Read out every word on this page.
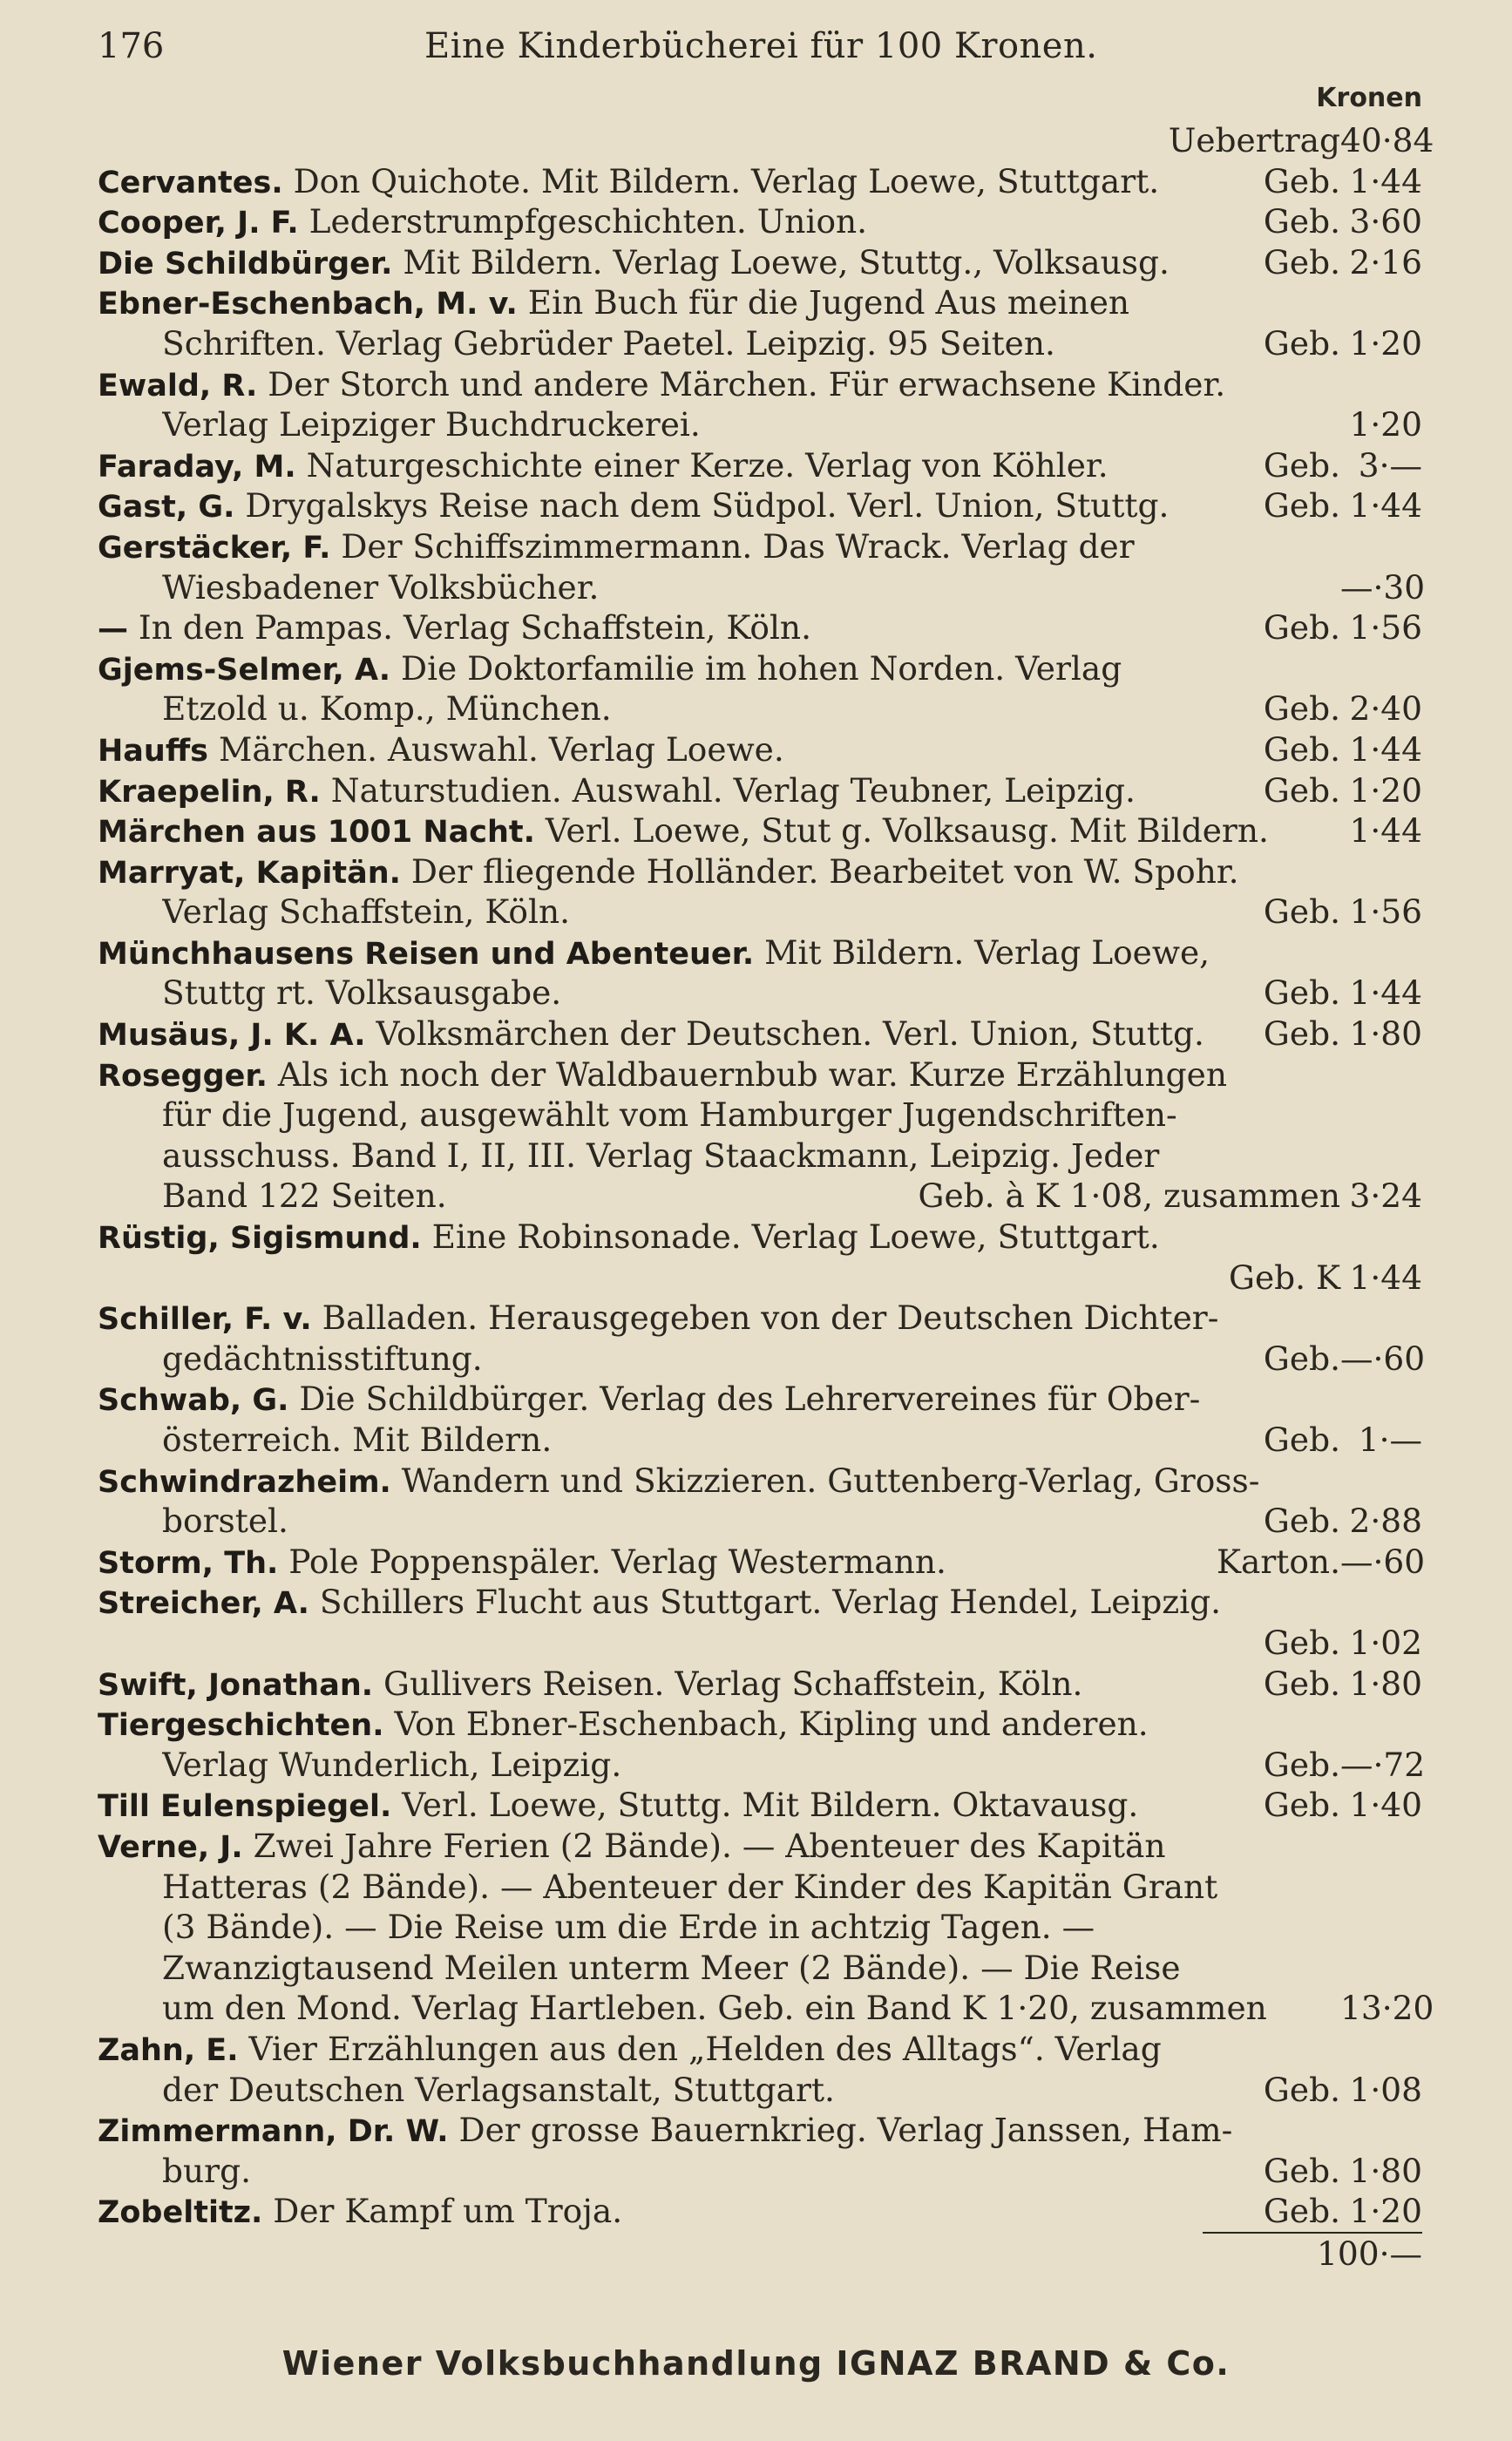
176	Eine Kinderbücherei für 100 Kronen.
Kronen
Uebertrag 40·84
Cervantes. Don Quichote. Mit Bildern. Verlag Loewe, Stuttgart.	Geb. 1·44
Cooper, J. F. Lederstrumpfgeschichten. Union.	Geb. 3·60
Die Schildbürger. Mit Bildern. Verlag Loewe, Stuttg., Volksausg.	Geb. 2·16
Ebner-Eschenbach, M. v. Ein Buch für die Jugend Aus meinen
Schriften. Verlag Gebrüder Paetel. Leipzig. 95 Seiten.	Geb. 1·20
Ewald, R. Der Storch und andere Märchen. Für erwachsene Kinder.
Verlag Leipziger Buchdruckerei.	1·20
Faraday, M. Naturgeschichte einer Kerze. Verlag von Köhler.	Geb. 3·—
Gast, G. Drygalskys Reise nach dem Südpol. Verl. Union, Stuttg.	Geb. 1·44
Gerstäcker, F. Der Schiffszimmermann. Das Wrack. Verlag der
Wiesbadener Volksbücher.	—·30
— In den Pampas. Verlag Schaffstein, Köln.	Geb. 1·56
Gjems-Selmer, A. Die Doktorfamilie im hohen Norden. Verlag
Etzold u. Komp., München.	Geb. 2·40
Hauffs Märchen. Auswahl. Verlag Loewe.	Geb. 1·44
Kraepelin, R. Naturstudien. Auswahl. Verlag Teubner, Leipzig.	Geb. 1·20
Märchen aus 1001 Nacht. Verl. Loewe, Stut g. Volksausg. Mit Bildern.	1·44
Marryat, Kapitän. Der fliegende Holländer. Bearbeitet von W. Spohr.
Verlag Schaffstein, Köln.	Geb. 1·56
Münchhausens Reisen und Abenteuer. Mit Bildern. Verlag Loewe,
Stuttg rt. Volksausgabe.	Geb. 1·44
Musäus, J. K. A. Volksmärchen der Deutschen. Verl. Union, Stuttg.	Geb. 1·80
Rosegger. Als ich noch der Waldbauernbub war. Kurze Erzählungen
für die Jugend, ausgewählt vom Hamburger Jugendschriften-
ausschuss. Band I, II, III. Verlag Staackmann, Leipzig. Jeder
Band 122 Seiten.	Geb. à K 1·08, zusammen 3·24
Rüstig, Sigismund. Eine Robinsonade. Verlag Loewe, Stuttgart.
Geb. K 1·44
Schiller, F. v. Balladen. Herausgegeben von der Deutschen Dichter-
gedächtnisstiftung.	Geb. —·60
Schwab, G. Die Schildbürger. Verlag des Lehrervereines für Ober-
österreich. Mit Bildern.	Geb. 1·—
Schwindrazheim. Wandern und Skizzieren. Guttenberg-Verlag, Gross-
borstel.	Geb. 2·88
Storm, Th. Pole Poppenspäler. Verlag Westermann.	Karton. —·60
Streicher, A. Schillers Flucht aus Stuttgart. Verlag Hendel, Leipzig.
Geb. 1·02
Swift, Jonathan. Gullivers Reisen. Verlag Schaffstein, Köln.	Geb. 1·80
Tiergeschichten. Von Ebner-Eschenbach, Kipling und anderen.
Verlag Wunderlich, Leipzig.	Geb. —·72
Till Eulenspiegel. Verl. Loewe, Stuttg. Mit Bildern. Oktavausg.	Geb. 1·40
Verne, J. Zwei Jahre Ferien (2 Bände). — Abenteuer des Kapitän
Hatteras (2 Bände). — Abenteuer der Kinder des Kapitän Grant
(3 Bände). — Die Reise um die Erde in achtzig Tagen. —
Zwanzigtausend Meilen unterm Meer (2 Bände). — Die Reise
um den Mond. Verlag Hartleben. Geb. ein Band K 1·20, zusammen	13·20
Zahn, E. Vier Erzählungen aus den „Helden des Alltags“. Verlag
der Deutschen Verlagsanstalt, Stuttgart.	Geb. 1·08
Zimmermann, Dr. W. Der grosse Bauernkrieg. Verlag Janssen, Ham-
burg.	Geb. 1·80
Zobeltitz. Der Kampf um Troja.	Geb. 1·20
100·—
Wiener Volksbuchhandlung IGNAZ BRAND & Co.
